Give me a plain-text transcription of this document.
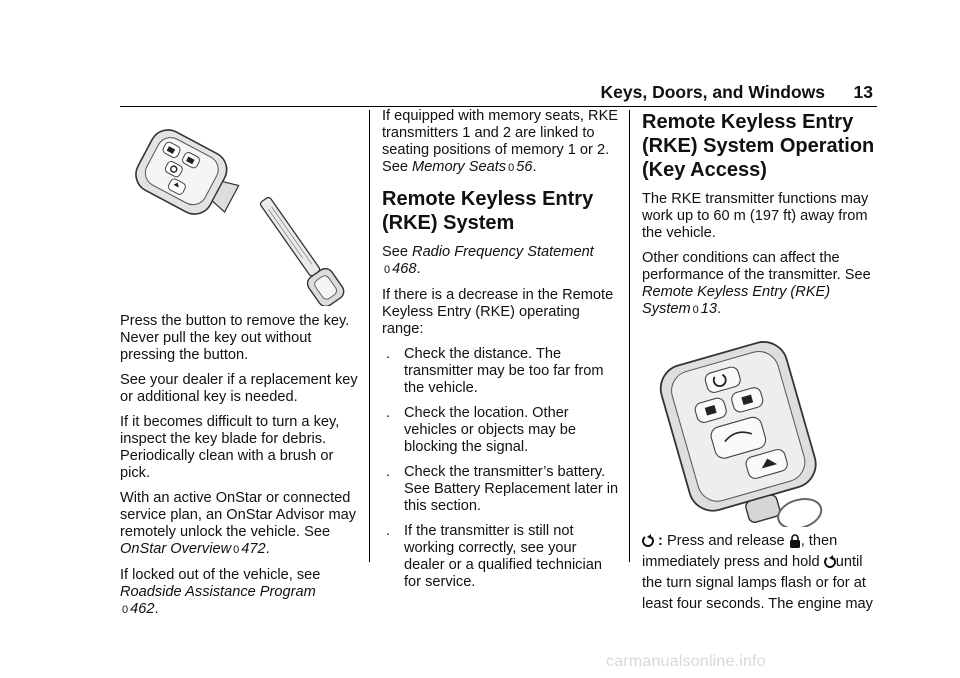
Keys, Doors, and Windows 13

Press the button to remove the key. Never pull the key out without pressing the button.

See your dealer if a replacement key or additional key is needed.

If it becomes difficult to turn a key, inspect the key blade for debris. Periodically clean with a brush or pick.

With an active OnStar or connected service plan, an OnStar Advisor may remotely unlock the vehicle. See OnStar Overview 0 472.

If locked out of the vehicle, see Roadside Assistance Program
0 462.

If equipped with memory seats, RKE transmitters 1 and 2 are linked to seating positions of memory 1 or 2. See Memory Seats 0 56.

Remote Keyless Entry (RKE) System

See Radio Frequency Statement
0 468.

If there is a decrease in the Remote Keyless Entry (RKE) operating range:

. Check the distance. The transmitter may be too far from the vehicle.
. Check the location. Other vehicles or objects may be blocking the signal.
. Check the transmitter’s battery. See Battery Replacement later in this section.
. If the transmitter is still not working correctly, see your dealer or a qualified technician for service.
Remote Keyless Entry (RKE) System Operation (Key Access)

The RKE transmitter functions may work up to 60 m (197 ft) away from the vehicle.

Other conditions can affect the performance of the transmitter. See Remote Keyless Entry (RKE) System 0 13.

: Press and release , then immediately press and hold until the turn signal lamps flash or for at least four seconds. The engine may

carmanualsonline.info
